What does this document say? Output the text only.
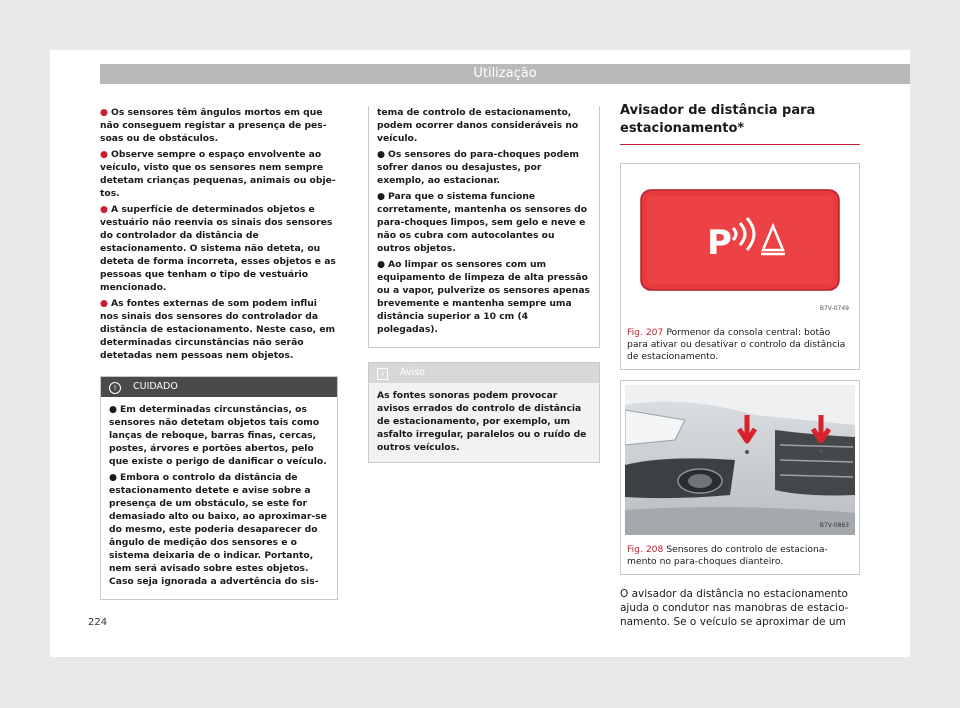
Utilização
● Os sensores têm ângulos mortos em que não conseguem registar a presença de pessoas ou de obstáculos.
● Observe sempre o espaço envolvente ao veículo, visto que os sensores nem sempre detetam crianças pequenas, animais ou objetos.
● A superfície de determinados objetos e vestuário não reenvia os sinais dos sensores do controlador da distância de estacionamento. O sistema não deteta, ou deteta de forma incorreta, esses objetos e as pessoas que tenham o tipo de vestuário mencionado.
● As fontes externas de som podem influi nos sinais dos sensores do controlador da distância de estacionamento. Neste caso, em determinadas circunstâncias não serão detetadas nem pessoas nem objetos.
! CUIDADO
● Em determinadas circunstâncias, os sensores não detetam objetos tais como lanças de reboque, barras finas, cercas, postes, árvores e portões abertos, pelo que existe o perigo de danificar o veículo.
● Embora o controlo da distância de estacionamento detete e avise sobre a presença de um obstáculo, se este for demasiado alto ou baixo, ao aproximar-se do mesmo, este poderia desaparecer do ângulo de medição dos sensores e o sistema deixaria de o indicar. Portanto, nem será avisado sobre estes objetos. Caso seja ignorada a advertência do sis-
tema de controlo de estacionamento, podem ocorrer danos consideráveis no veículo.
● Os sensores do para-choques podem sofrer danos ou desajustes, por exemplo, ao estacionar.
● Para que o sistema funcione corretamente, mantenha os sensores do para-choques limpos, sem gelo e neve e não os cubra com autocolantes ou outros objetos.
● Ao limpar os sensores com um equipamento de limpeza de alta pressão ou a vapor, pulverize os sensores apenas brevemente e mantenha sempre uma distância superior a 10 cm (4 polegadas).
i Aviso
As fontes sonoras podem provocar avisos errados do controlo de distância de estacionamento, por exemplo, um asfalto irregular, paralelos ou o ruído de outros veículos.
Avisador de distância para estacionamento*
P
B7V-0749
Fig. 207 Pormenor da consola central: botão para ativar ou desativar o controlo da distância de estacionamento.
B7V-0863
Fig. 208 Sensores do controlo de estacionamento no para-choques dianteiro.
O avisador da distância no estacionamento ajuda o condutor nas manobras de estacionamento. Se o veículo se aproximar de um
224
